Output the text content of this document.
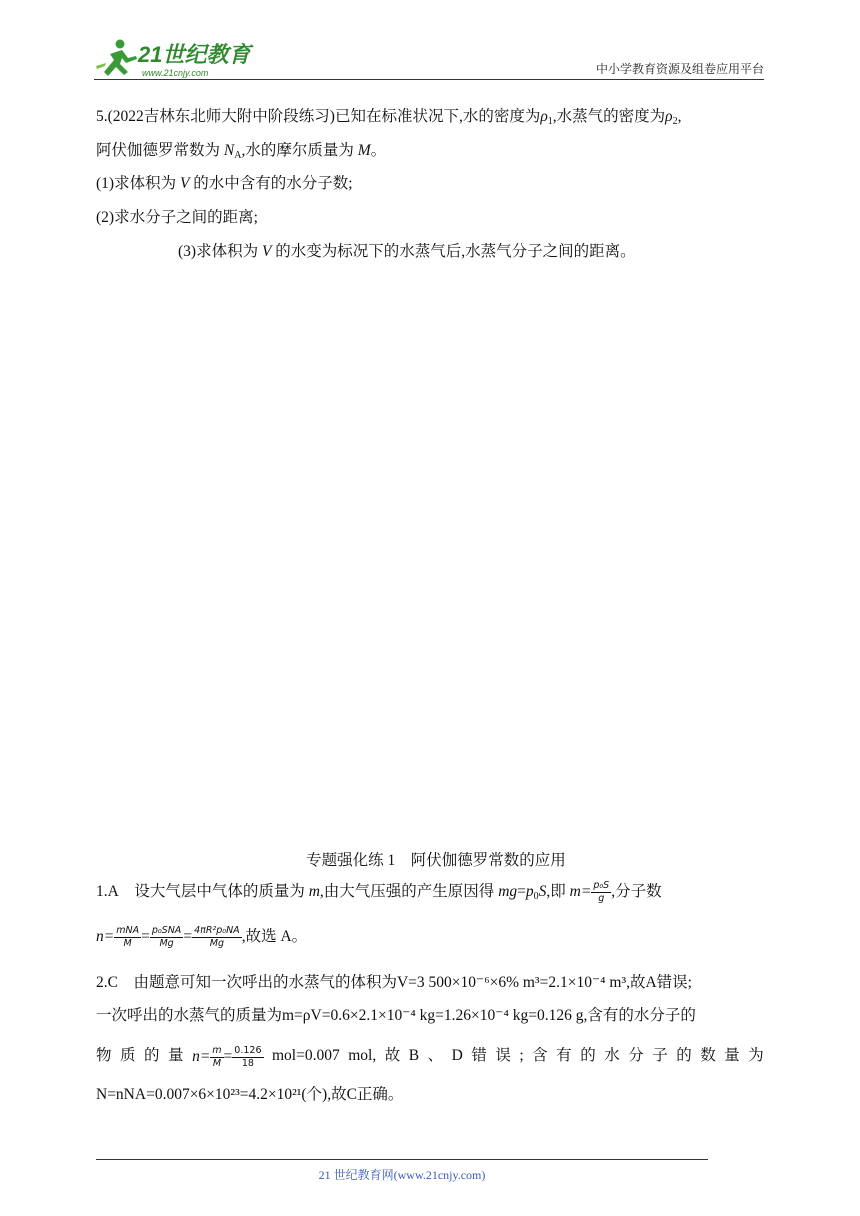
21世纪教育
www.21cnjy.com	中小学教育资源及组卷应用平台
5.(2022吉林东北师大附中阶段练习)已知在标准状况下,水的密度为$\rho_1$,水蒸气的密度为$\rho_2$,
阿伏伽德罗常数为 $N_A$,水的摩尔质量为 M。
(1)求体积为 V 的水中含有的水分子数;
(2)求水分子之间的距离;
(3)求体积为 V 的水变为标况下的水蒸气后,水蒸气分子之间的距离。
专题强化练 1　阿伏伽德罗常数的应用
1.A 设大气层中气体的质量为 m,由大气压强的产生原因得 $mg=p_0S$,即 $m= \frac{\text{p₀S}}{g}$ ,分子数
$n= \frac{\text{mNA}}{M} = \frac{\text{p₀SNA}}{Mg} = \frac{\text{4πR²p₀NA}}{Mg}$ ,故选 A。
2.C　由题意可知一次呼出的水蒸气的体积为V=3 500×10⁻⁶×6% m³=2.1×10⁻⁴ m³,故A错误;
一次呼出的水蒸气的质量为m=ρV=0.6×2.1×10⁻⁴ kg=1.26×10⁻⁴ kg=0.126 g,含有的水分子的
物 质 的 量 $n= \frac{m}{M} = \frac{0.126}{18} mol=0.007$ mol, 故 B 、 D 错 误 ; 含 有 的 水 分 子 的 数 量 为
N=nNA=0.007×6×10²³=4.2×10²¹(个),故C正确。
21 世纪教育网(www.21cnjy.com)
